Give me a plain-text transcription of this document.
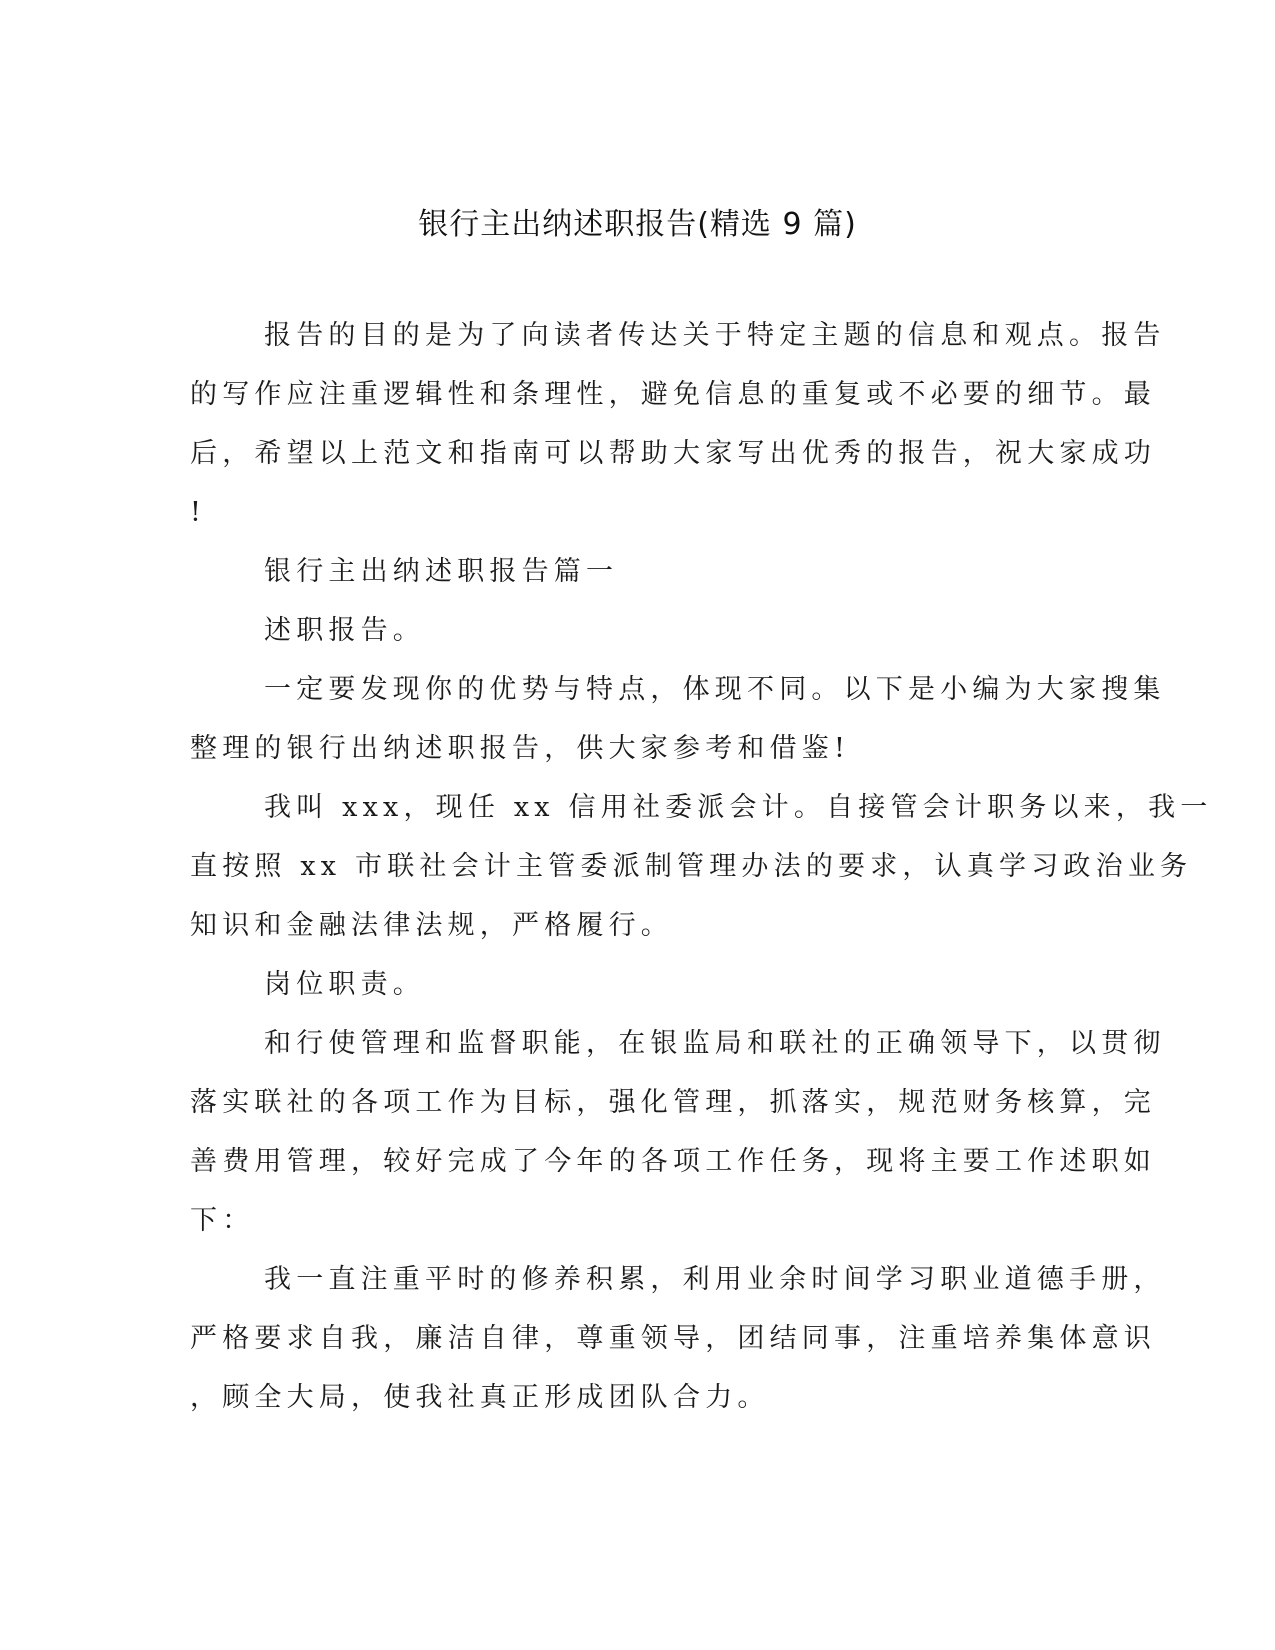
银行主出纳述职报告(精选 9 篇)
报告的目的是为了向读者传达关于特定主题的信息和观点。报告
的写作应注重逻辑性和条理性，避免信息的重复或不必要的细节。最
后，希望以上范文和指南可以帮助大家写出优秀的报告，祝大家成功
!
银行主出纳述职报告篇一
述职报告。
一定要发现你的优势与特点，体现不同。以下是小编为大家搜集
整理的银行出纳述职报告，供大家参考和借鉴!
我叫 xxx，现任 xx 信用社委派会计。自接管会计职务以来，我一
直按照 xx 市联社会计主管委派制管理办法的要求，认真学习政治业务
知识和金融法律法规，严格履行。
岗位职责。
和行使管理和监督职能，在银监局和联社的正确领导下，以贯彻
落实联社的各项工作为目标，强化管理，抓落实，规范财务核算，完
善费用管理，较好完成了今年的各项工作任务，现将主要工作述职如
下：
我一直注重平时的修养积累，利用业余时间学习职业道德手册，
严格要求自我，廉洁自律，尊重领导，团结同事，注重培养集体意识
，顾全大局，使我社真正形成团队合力。
